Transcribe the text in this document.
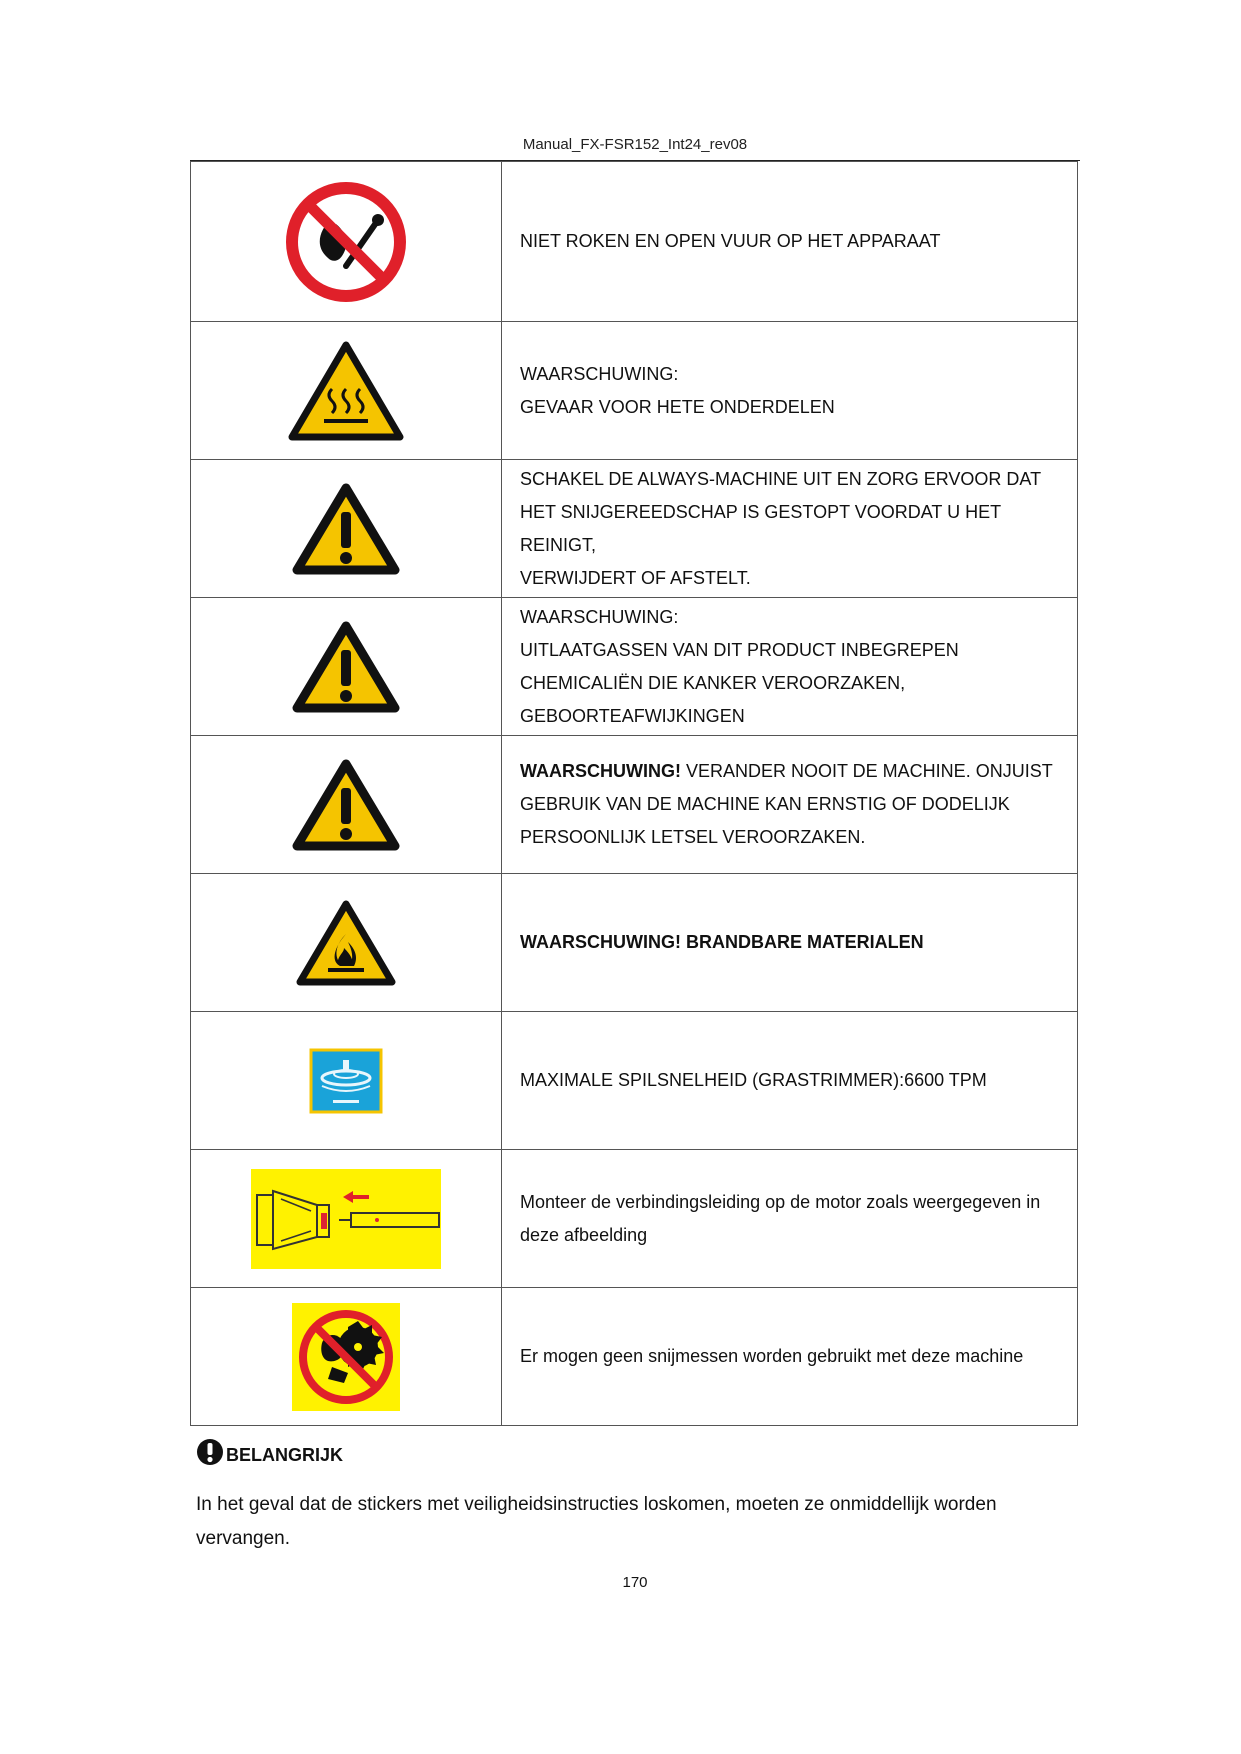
Manual_FX-FSR152_Int24_rev08

NIET ROKEN EN OPEN VUUR OP HET APPARAAT

WAARSCHUWING:
GEVAAR VOOR HETE ONDERDELEN

SCHAKEL DE ALWAYS-MACHINE UIT EN ZORG ERVOOR DAT
HET SNIJGEREEDSCHAP IS GESTOPT VOORDAT U HET REINIGT,
VERWIJDERT OF AFSTELT.

WAARSCHUWING:
UITLAATGASSEN VAN DIT PRODUCT INBEGREPEN
CHEMICALIËN DIE KANKER VEROORZAKEN,
GEBOORTEAFWIJKINGEN

WAARSCHUWING! VERANDER NOOIT DE MACHINE. ONJUIST
GEBRUIK VAN DE MACHINE KAN ERNSTIG OF DODELIJK
PERSOONLIJK LETSEL VEROORZAKEN.

WAARSCHUWING! BRANDBARE MATERIALEN

MAXIMALE SPILSNELHEID (GRASTRIMMER):6600 TPM

Monteer de verbindingsleiding op de motor zoals weergegeven in
deze afbeelding

Er mogen geen snijmessen worden gebruikt met deze machine
BELANGRIJK
In het geval dat de stickers met veiligheidsinstructies loskomen, moeten ze onmiddellijk worden
vervangen.
170
